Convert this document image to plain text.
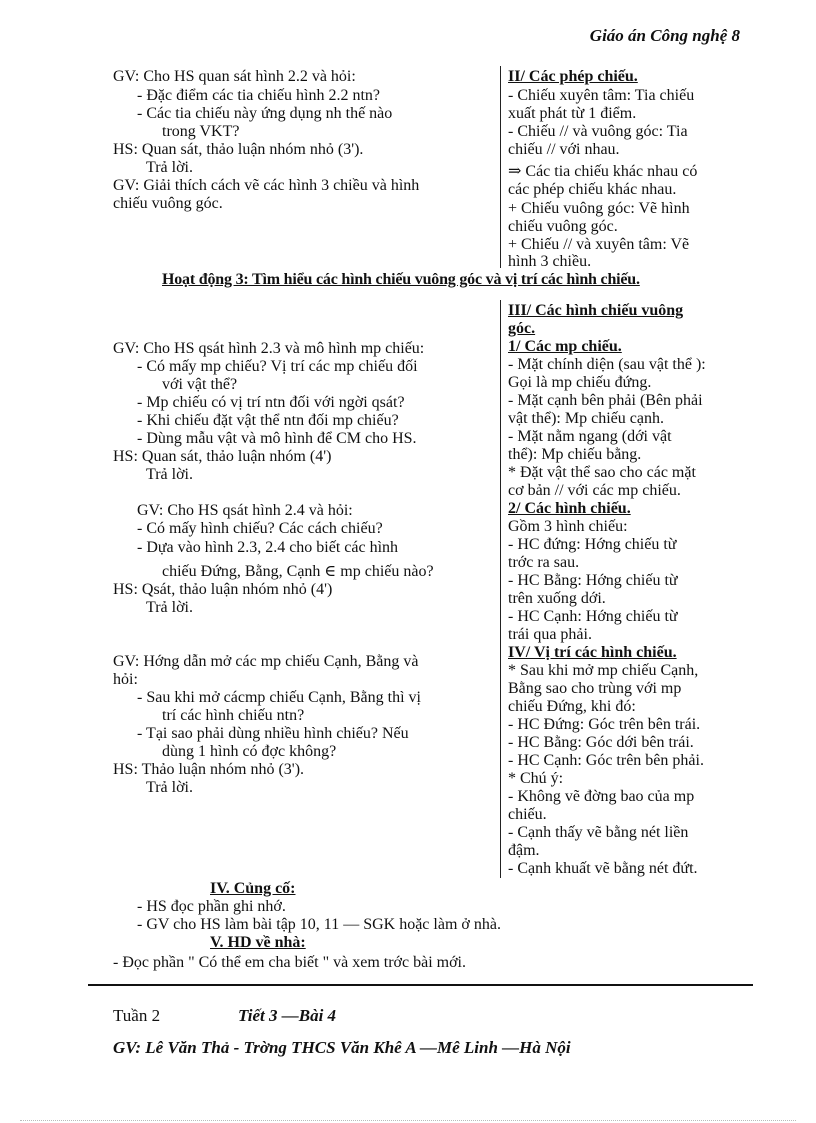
Giáo án Công nghệ 8
GV: Cho HS quan sát hình 2.2 và hỏi:
- Đặc điểm các tia chiếu hình 2.2 ntn?
- Các tia chiếu này ứng dụng nh thế nào
trong VKT?
HS: Quan sát, thảo luận nhóm nhỏ (3').
Trả lời.
GV: Giải thích cách vẽ các hình 3 chiều và hình
chiếu vuông góc.
II/ Các phép chiếu.
- Chiếu xuyên tâm: Tia chiếu
xuất phát từ 1 điểm.
- Chiếu // và vuông góc: Tia
chiếu // với nhau.
⇒ Các tia chiếu khác nhau có
các phép chiếu khác nhau.
+ Chiếu vuông góc: Vẽ hình
chiếu vuông góc.
+ Chiếu // và xuyên tâm: Vẽ
hình 3 chiều.
Hoạt động 3: Tìm hiểu các hình chiếu vuông góc và vị trí các hình chiếu.
GV: Cho HS qsát hình 2.3 và mô hình mp chiếu:
- Có mấy mp chiếu? Vị trí các mp chiếu đối
với vật thể?
- Mp chiếu có vị trí ntn đối với ngời qsát?
- Khi chiếu đặt vật thể ntn đối mp chiếu?
- Dùng mẫu vật và mô hình để CM cho HS.
HS: Quan sát, thảo luận nhóm (4')
Trả lời.
GV: Cho HS qsát hình 2.4 và hỏi:
- Có mấy hình chiếu? Các cách chiếu?
- Dựa vào hình 2.3, 2.4 cho biết các hình
chiếu Đứng, Bằng, Cạnh ∈ mp chiếu nào?
HS: Qsát, thảo luận nhóm nhỏ (4')
Trả lời.
GV: Hớng dẫn mở các mp chiếu Cạnh, Bằng và
hỏi:
- Sau khi mở cácmp chiếu Cạnh, Bằng thì vị
trí các hình chiếu ntn?
- Tại sao phải dùng nhiều hình chiếu? Nếu
dùng 1 hình có đợc không?
HS: Thảo luận nhóm nhỏ (3').
Trả lời.
III/ Các hình chiếu vuông
góc.
1/ Các mp chiếu.
- Mặt chính diện (sau vật thể ):
Gọi là mp chiếu đứng.
- Mặt cạnh bên phải (Bên phải
vật thể): Mp chiếu cạnh.
- Mặt nằm ngang (dới vật
thể): Mp chiếu bằng.
* Đặt vật thể sao cho các mặt
cơ bản // với các mp chiếu.
2/ Các hình chiếu.
Gồm 3 hình chiếu:
- HC đứng: Hớng chiếu từ
trớc ra sau.
- HC Bằng: Hớng chiếu từ
trên xuống dới.
- HC Cạnh: Hớng chiếu từ
trái qua phải.
IV/ Vị trí các hình chiếu.
* Sau khi mở mp chiếu Cạnh,
Bằng sao cho trùng với mp
chiếu Đứng, khi đó:
- HC Đứng: Góc trên bên trái.
- HC Bằng: Góc dới bên trái.
- HC Cạnh: Góc trên bên phải.
* Chú ý:
- Không vẽ đờng bao của mp
chiếu.
- Cạnh thấy vẽ bằng nét liền
đậm.
- Cạnh khuất vẽ bằng nét đứt.
IV. Củng cố:
- HS đọc phần ghi nhớ.
- GV cho HS làm bài tập 10, 11 — SGK hoặc làm ở nhà.
V. HD về nhà:
- Đọc phần " Có thể em cha biết " và xem trớc bài mới.
Tuần 2	Tiết 3 —Bài 4
GV: Lê Văn Thả - Trờng THCS Văn Khê A —Mê Linh —Hà Nội
